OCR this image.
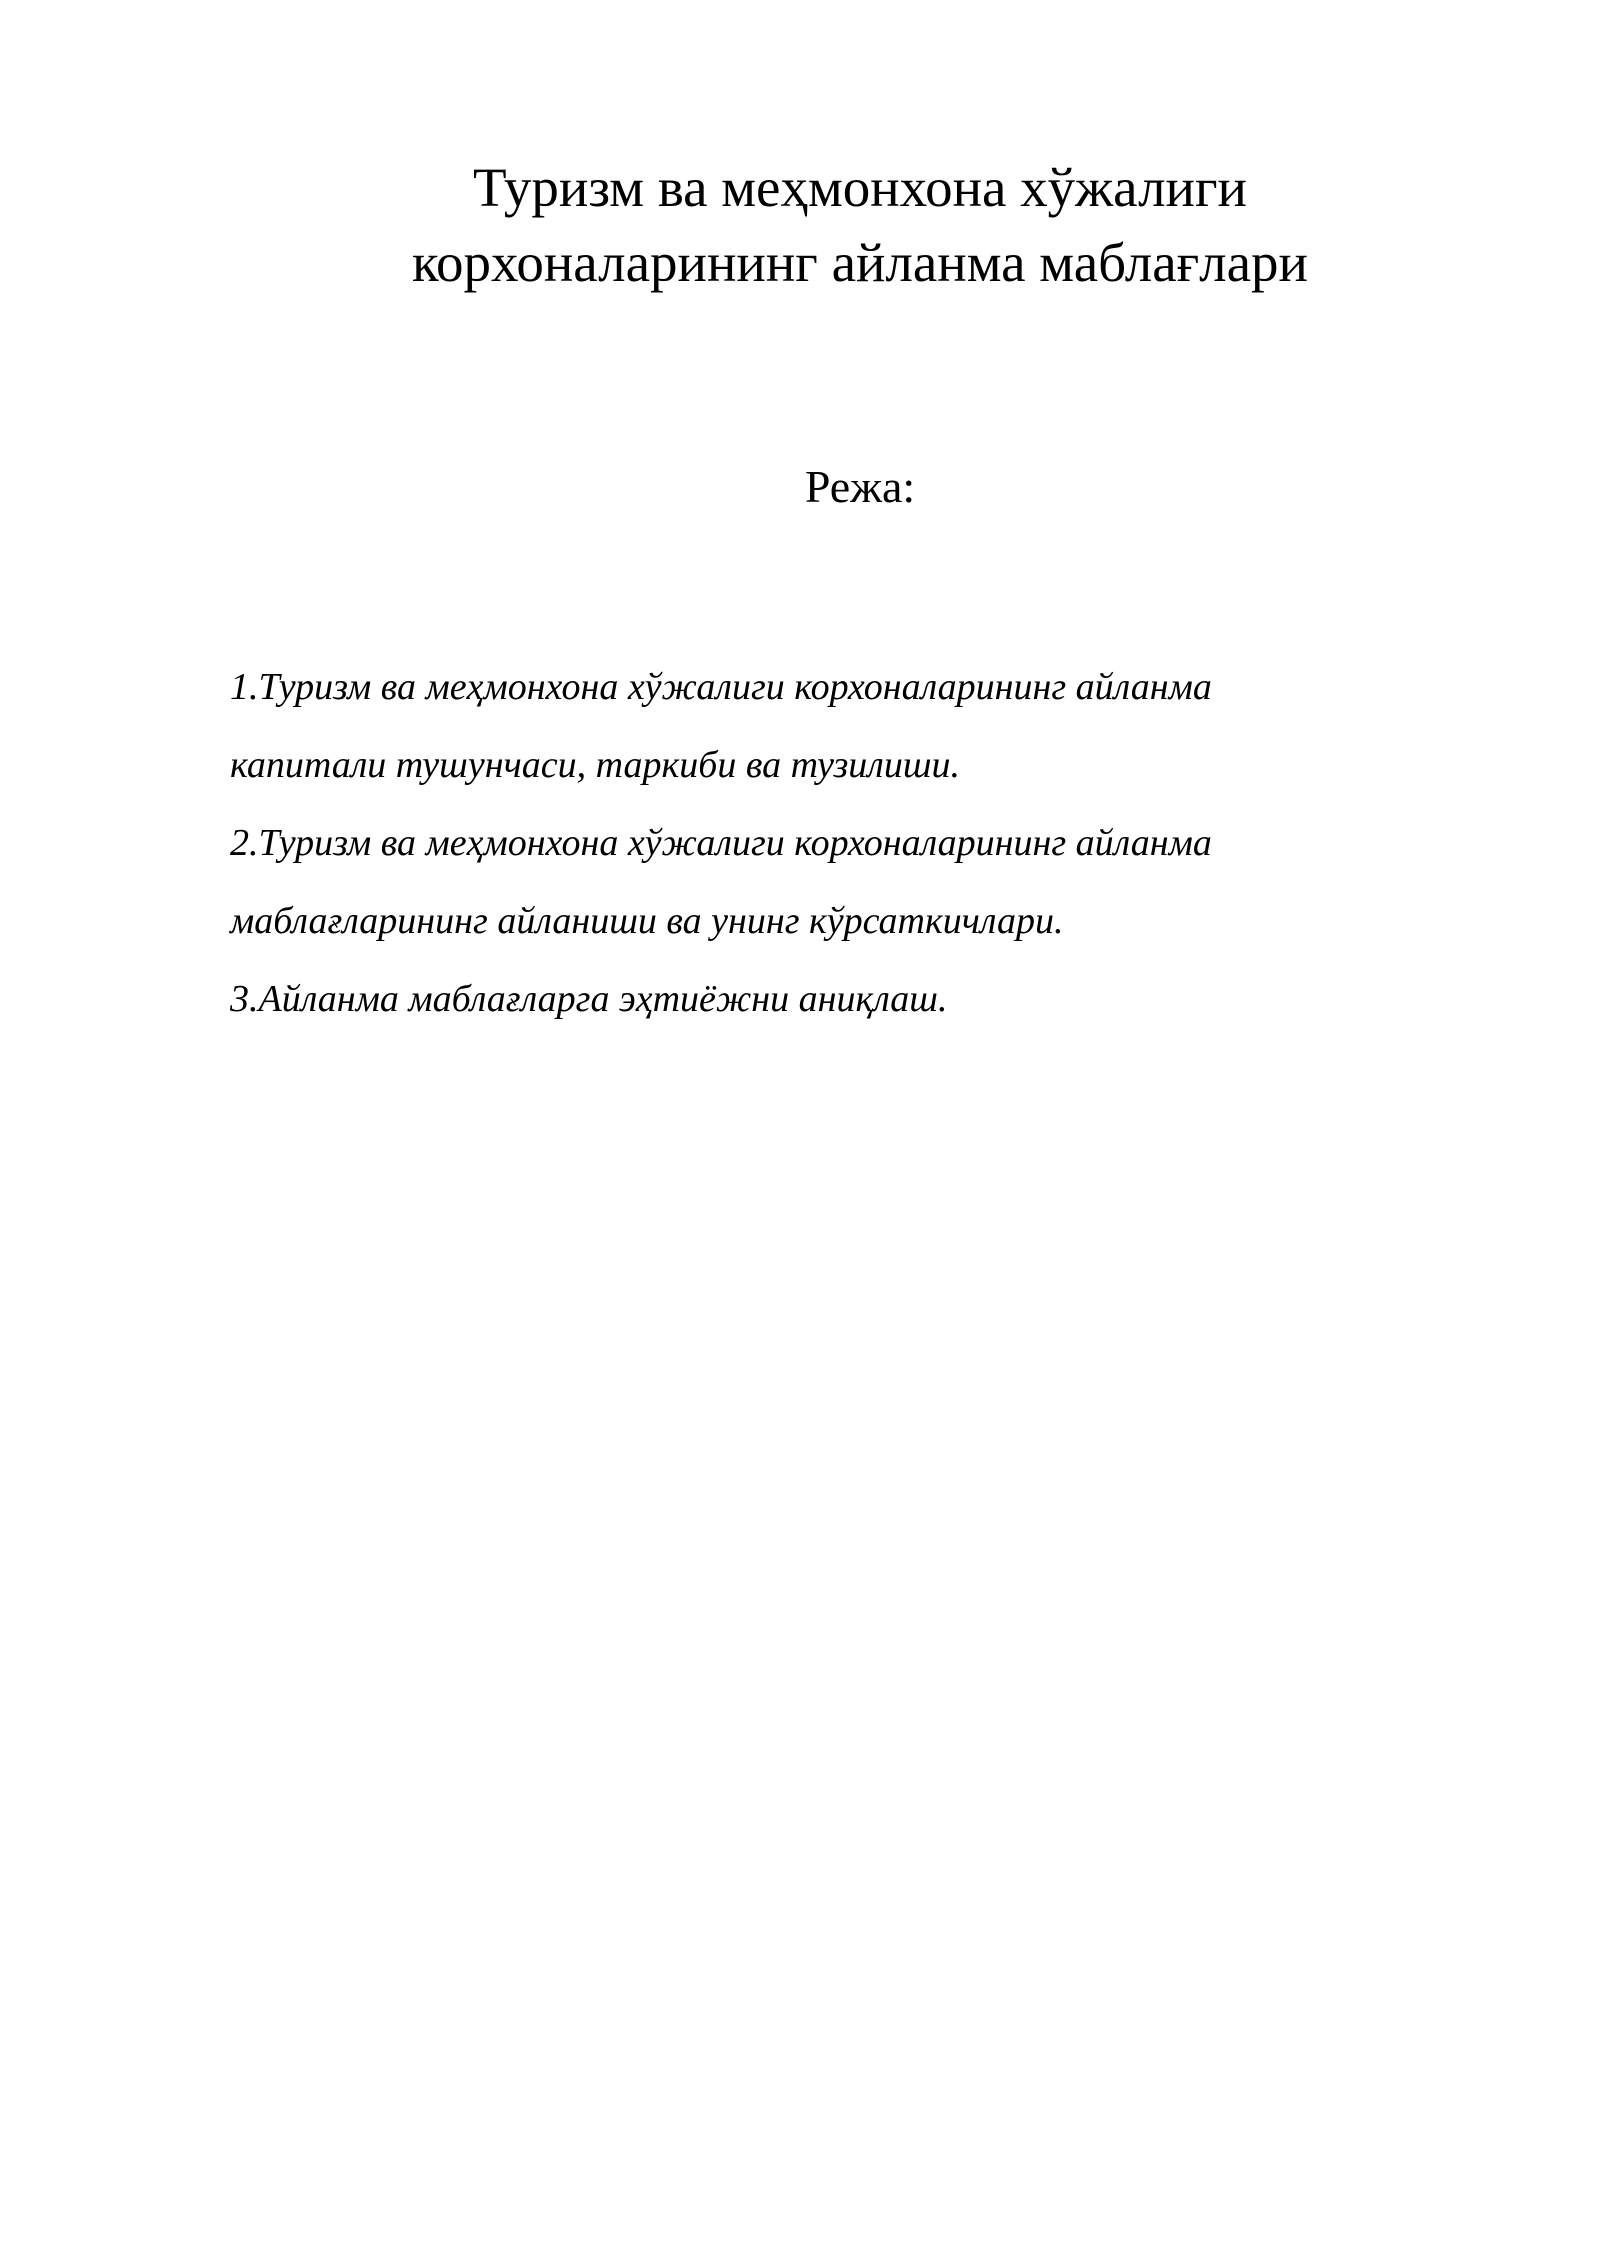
Туризм ва меҳмонхона хўжалиги
корхоналарининг айланма маблағлари
Режа:
1.Туризм ва меҳмонхона хўжалиги корхоналарининг айланма
капитали тушунчаси, таркиби ва тузилиши.
2.Туризм ва меҳмонхона хўжалиги корхоналарининг айланма
маблағларининг айланиши ва унинг кўрсаткичлари.
3.Айланма маблағларга эҳтиёжни аниқлаш.
